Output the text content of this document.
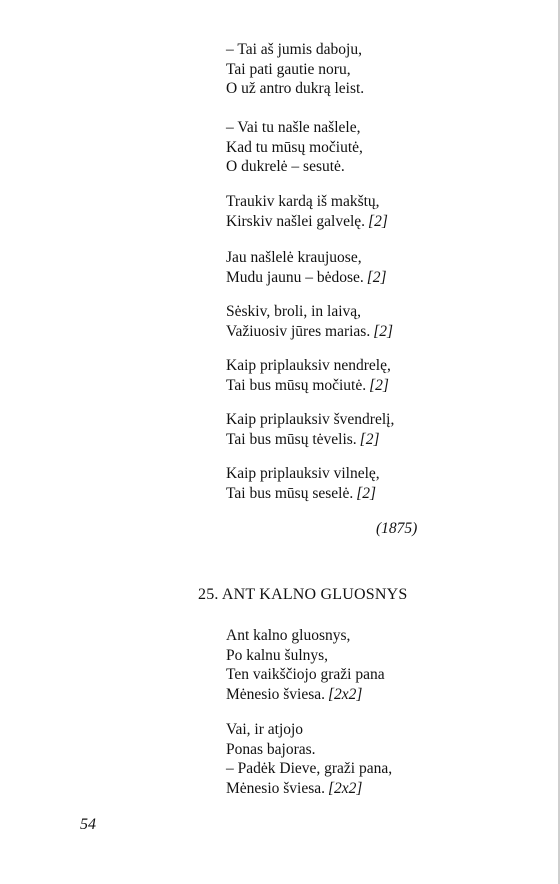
– Tai aš jumis daboju,
Tai pati gautie noru,
O už antro dukrą leist.
– Vai tu našle našlele,
Kad tu mūsų močiutė,
O dukrelė – sesutė.
Traukiv kardą iš makštų,
Kirskiv našlei galvelę. [2]
Jau našlelė kraujuose,
Mudu jaunu – bėdose. [2]
Sėskiv, broli, in laivą,
Važiuosiv jūres marias. [2]
Kaip priplauksiv nendrelę,
Tai bus mūsų močiutė. [2]
Kaip priplauksiv švendrelį,
Tai bus mūsų tėvelis. [2]
Kaip priplauksiv vilnelę,
Tai bus mūsų seselė. [2]
(1875)
25. ANT KALNO GLUOSNYS
Ant kalno gluosnys,
Po kalnu šulnys,
Ten vaikščiojo graži pana
Mėnesio šviesa. [2x2]
Vai, ir atjojo
Ponas bajoras.
– Padėk Dieve, graži pana,
Mėnesio šviesa. [2x2]
54
